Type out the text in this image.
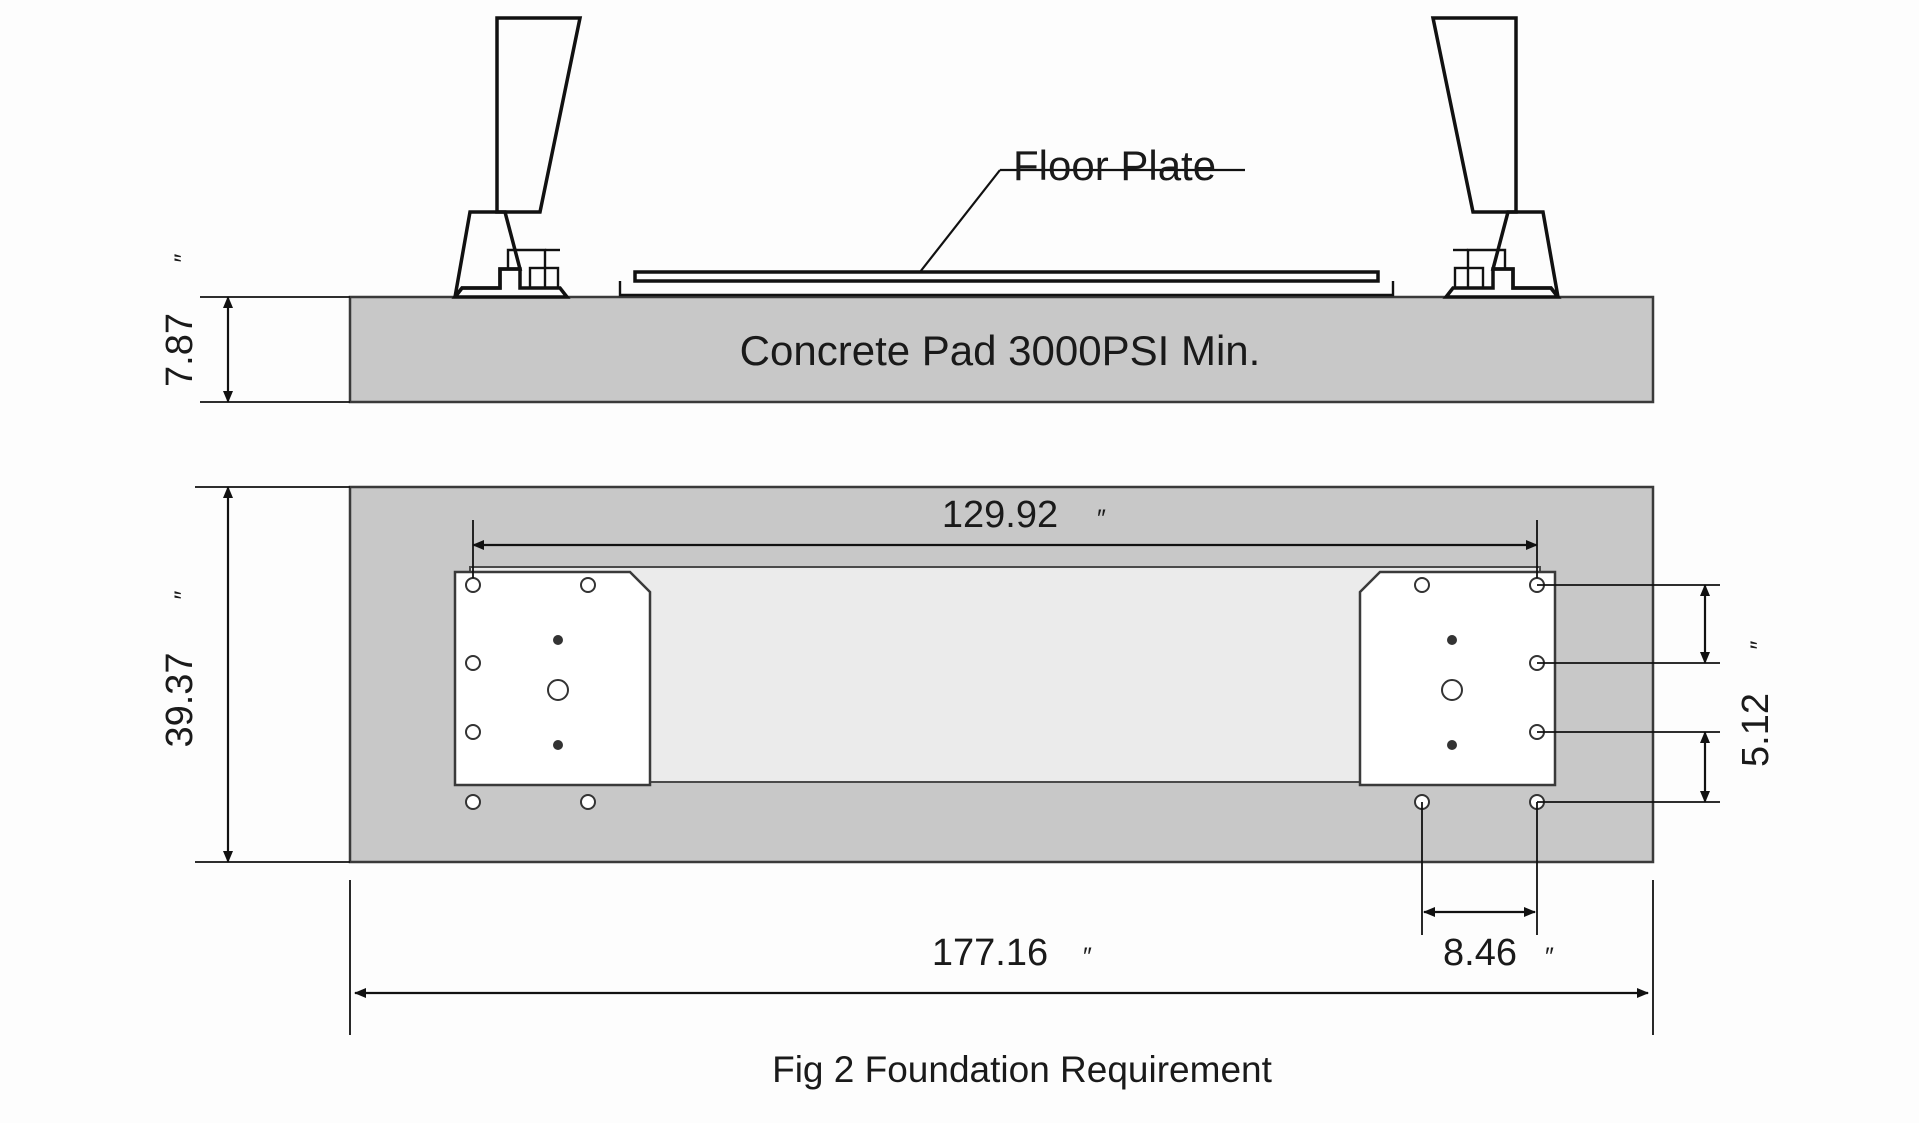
7.87
″
Floor Plate
Concrete Pad 3000PSI Min.
129.92 ″
39.37
″
177.16 ″
5.12
″
8.46 ″
Fig 2 Foundation Requirement
